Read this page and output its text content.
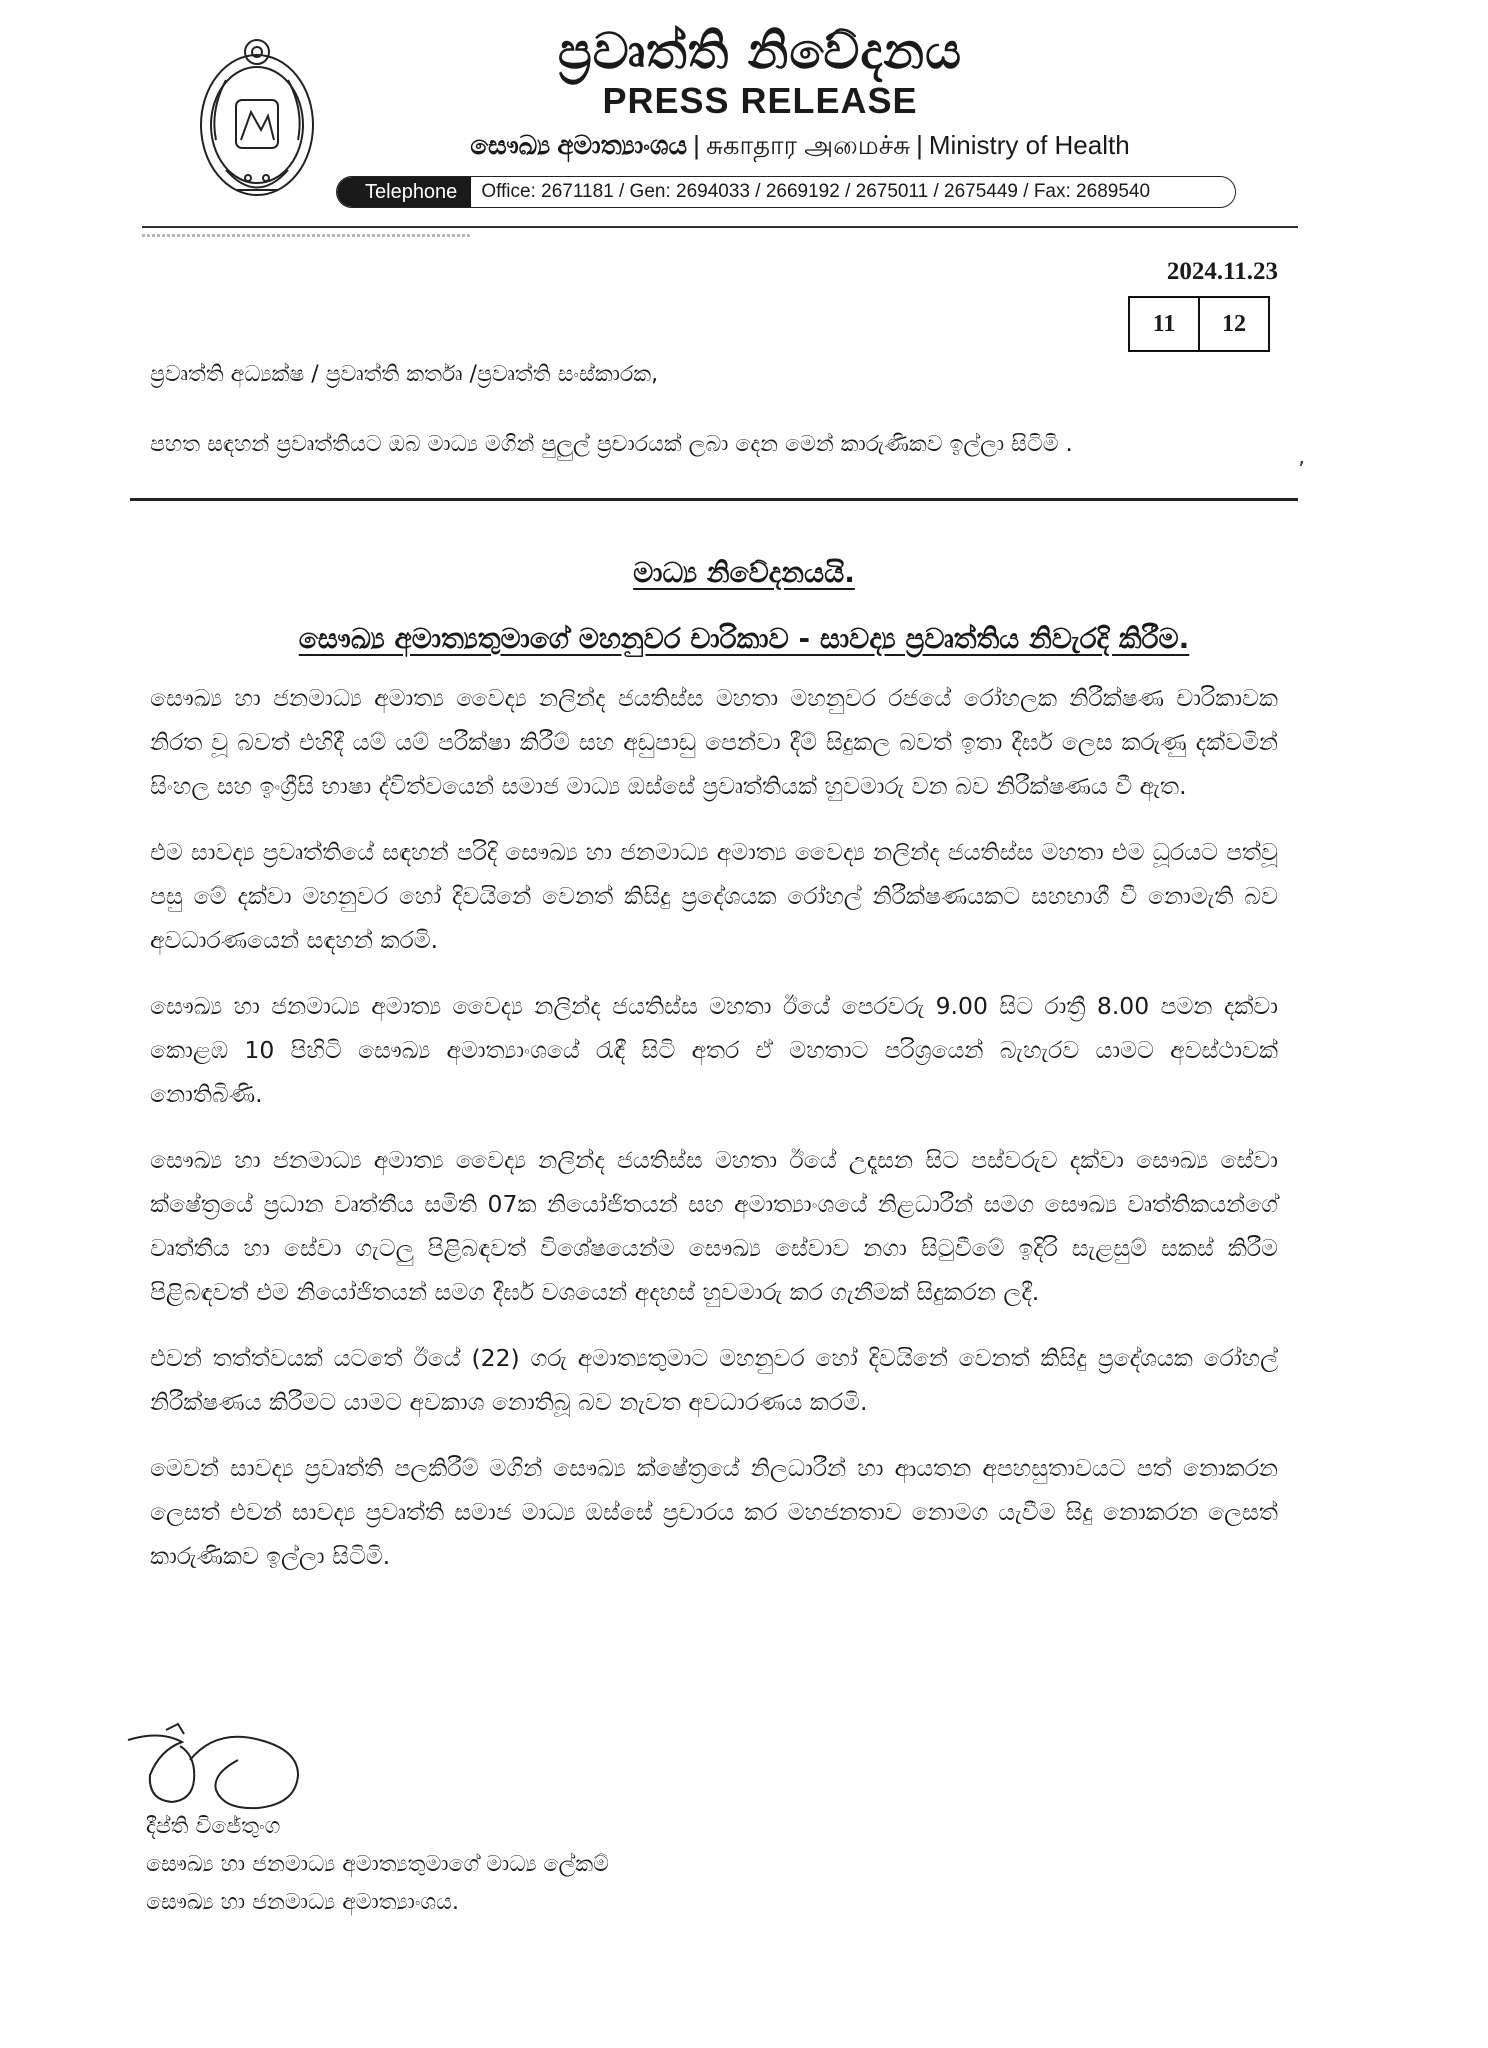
ප්‍රවෘත්ති නිවේදනය
PRESS RELEASE
සෞඛ්‍ය අමාත්‍යාංශය | சுகாதார அமைச்சு | Ministry of Health
Telephone	Office: 2671181 / Gen: 2694033 / 2669192 / 2675011 / 2675449 / Fax: 2689540
2024.11.23
11	12
ප්‍රවෘත්ති අධ්‍යක්ෂ / ප්‍රවෘත්ති කර්තෘ /ප්‍රවෘත්ති සංස්කාරක,
පහත සඳහන් ප්‍රවෘත්තියට ඔබ මාධ්‍ය මගින් පුලුල් ප්‍රචාරයක් ලබා දෙන මෙන් කාරුණිකව ඉල්ලා සිටිමි .
٬
මාධ්‍ය නිවේදනයයි.
සෞඛ්‍ය අමාත්‍යතුමාගේ මහනුවර චාරිකාව - සාවද්‍ය ප්‍රවෘත්තිය නිවැරදි කිරීම.

සෞඛ්‍ය හා ජනමාධ්‍ය අමාත්‍ය වෛද්‍ය නලින්ද ජයතිස්ස මහතා මහනුවර රජයේ රෝහලක නිරීක්ෂණ චාරිකාවක නිරත වූ බවත් එහිදී යම් යම් පරීක්ෂා කිරීම් සහ අඩුපාඩු පෙන්වා දීම් සිදුකල බවත් ඉතා දීර්ඝ ලෙස කරුණු දක්වමින් සිංහල සහ ඉංග්‍රීසි භාෂා ද්විත්වයෙන් සමාජ මාධ්‍ය ඔස්සේ ප්‍රවෘත්තියක් හුවමාරු වන බව නිරීක්ෂණය වී ඇත.

එම සාවද්‍ය ප්‍රවෘත්තියේ සඳහන් පරිදි සෞඛ්‍ය හා ජනමාධ්‍ය අමාත්‍ය වෛද්‍ය නලින්ද ජයතිස්ස මහතා එම ධූරයට පත්වූ පසු මේ දක්වා මහනුවර හෝ දිවයිනේ වෙනත් කිසිදු ප්‍රදේශයක රෝහල් නිරීක්ෂණයකට සහභාගී වී නොමැති බව අවධාරණයෙන් සඳහන් කරමි.

සෞඛ්‍ය හා ජනමාධ්‍ය අමාත්‍ය වෛද්‍ය නලින්ද ජයතිස්ස මහතා ඊයේ පෙරවරු 9.00 සිට රාත්‍රී 8.00 පමන දක්වා කොළඹ 10 පිහිටි සෞඛ්‍ය අමාත්‍යාංශයේ රැඳී සිටි අතර ඒ මහතාට පරිශ්‍රයෙන් බැහැරව යාමට අවස්ථාවක් නොතිබිණි.

සෞඛ්‍ය හා ජනමාධ්‍ය අමාත්‍ය වෛද්‍ය නලින්ද ජයතිස්ස මහතා ඊයේ උදෑසන සිට පස්වරුව දක්වා සෞඛ්‍ය සේවා ක්ෂේත්‍රයේ ප්‍රධාන වෘත්තීය සමිති 07ක නියෝජිතයන් සහ අමාත්‍යාංශයේ නිළධාරීන් සමග සෞඛ්‍ය වෘත්තිකයන්ගේ වෘත්තීය හා සේවා ගැටලු පිළිබඳවත් විශේෂයෙන්ම සෞඛ්‍ය සේවාව නගා සිටුවීමේ ඉදිරි සැළසුම් සකස් කිරීම පිළිබඳවත් එම නියෝජිතයන් සමග දීර්ඝ වශයෙන් අදහස් හුවමාරු කර ගැනීමක් සිදුකරන ලදී.

එවන් තත්ත්වයක් යටතේ ඊයේ (22) ගරු අමාත්‍යතුමාට මහනුවර හෝ දිවයිනේ වෙනත් කිසිදු ප්‍රදේශයක රෝහල් නිරීක්ෂණය කිරීමට යාමට අවකාශ නොතිබූ බව නැවත අවධාරණය කරමි.

මෙවන් සාවද්‍ය ප්‍රවෘත්ති පලකිරීම් මගින් සෞඛ්‍ය ක්ෂේත්‍රයේ නිලධාරීන් හා ආයතන අපහසුතාවයට පත් නොකරන ලෙසත් එවන් සාවද්‍ය ප්‍රවෘත්ති සමාජ මාධ්‍ය ඔස්සේ ප්‍රචාරය කර මහජනතාව නොමග යැවීම සිදු නොකරන ලෙසත් කාරුණිකව ඉල්ලා සිටිමි.

දීප්ති විජේතුංග
සෞඛ්‍ය හා ජනමාධ්‍ය අමාත්‍යතුමාගේ මාධ්‍ය ලේකම්
සෞඛ්‍ය හා ජනමාධ්‍ය අමාත්‍යාංශය.
